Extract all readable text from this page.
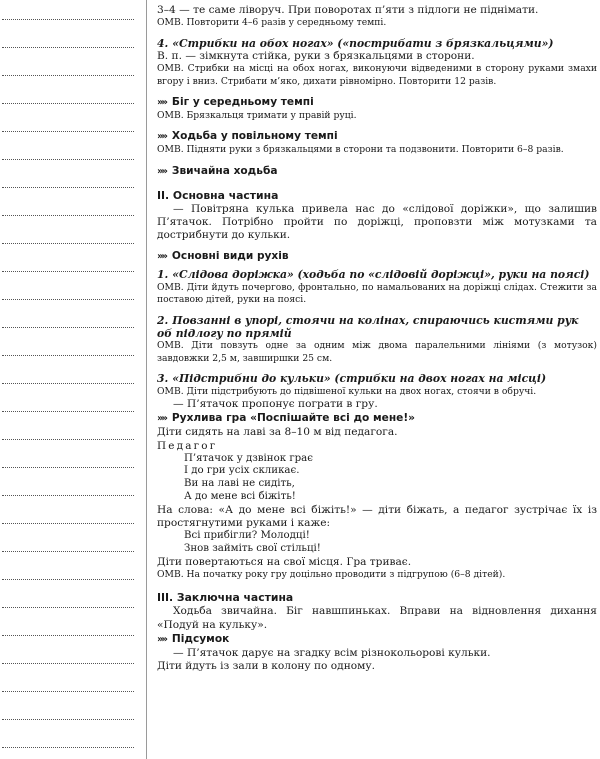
3–4 — те саме ліворуч. При поворотах п’яти з підлоги не піднімати.

ОМВ. Повторити 4–6 разів у середньому темпі.

4. «Стрибки на обох ногах» («пострибати з брязкальцями»)

В. п. — зімкнута стійка, руки з брязкальцями в сторони.

ОМВ. Стрибки на місці на обох ногах, виконуючи відведеними в сторону руками змахи вгору і вниз. Стрибати м’яко, дихати рівномірно. Повторити 12 разів.

»» Біг у середньому темпі

ОМВ. Брязкальця тримати у правій руці.

»» Ходьба у повільному темпі

ОМВ. Підняти руки з брязкальцями в сторони та подзвонити. Повторити 6–8 разів.

»» Звичайна ходьба

II. Основна частина

— Повітряна кулька привела нас до «слідової доріжки», що залишив П’ятачок. Потрібно пройти по доріжці, проповзти між мотузками та дострибнути до кульки.

»» Основні види рухів

1. «Слідова доріжка» (ходьба по «слідовій доріжці», руки на поясі)

ОМВ. Діти йдуть почергово, фронтально, по намальованих на доріжці слідах. Стежити за поставою дітей, руки на поясі.

2. Повзанні в упорі, стоячи на колінах, спираючись кистями рук об підлогу по прямій

ОМВ. Діти повзуть одне за одним між двома паралельними лініями (з мотузок) завдовжки 2,5 м, завширшки 25 см.

3. «Підстрибни до кульки» (стрибки на двох ногах на місці)

ОМВ. Діти підстрибують до підвішеної кульки на двох ногах, стоячи в обручі.

— П’ятачок пропонує пограти в гру.

»» Рухлива гра «Поспішайте всі до мене!»

Діти сидять на лаві за 8–10 м від педагога.

Педагог

П’ятачок у дзвінок грає

І до гри усіх скликає.

Ви на лаві не сидіть,

А до мене всі біжіть!

На слова: «А до мене всі біжіть!» — діти біжать, а педагог зустрічає їх із простягнутими руками і каже:

Всі прибігли? Молодці!

Знов займіть свої стільці!

Діти повертаються на свої місця. Гра триває.

ОМВ. На початку року гру доцільно проводити з підгрупою (6–8 дітей).

III. Заключна частина

Ходьба звичайна. Біг навшпиньках. Вправи на відновлення дихання «Подуй на кульку».

»» Підсумок

— П’ятачок дарує на згадку всім різнокольорові кульки.

Діти йдуть із зали в колону по одному.
